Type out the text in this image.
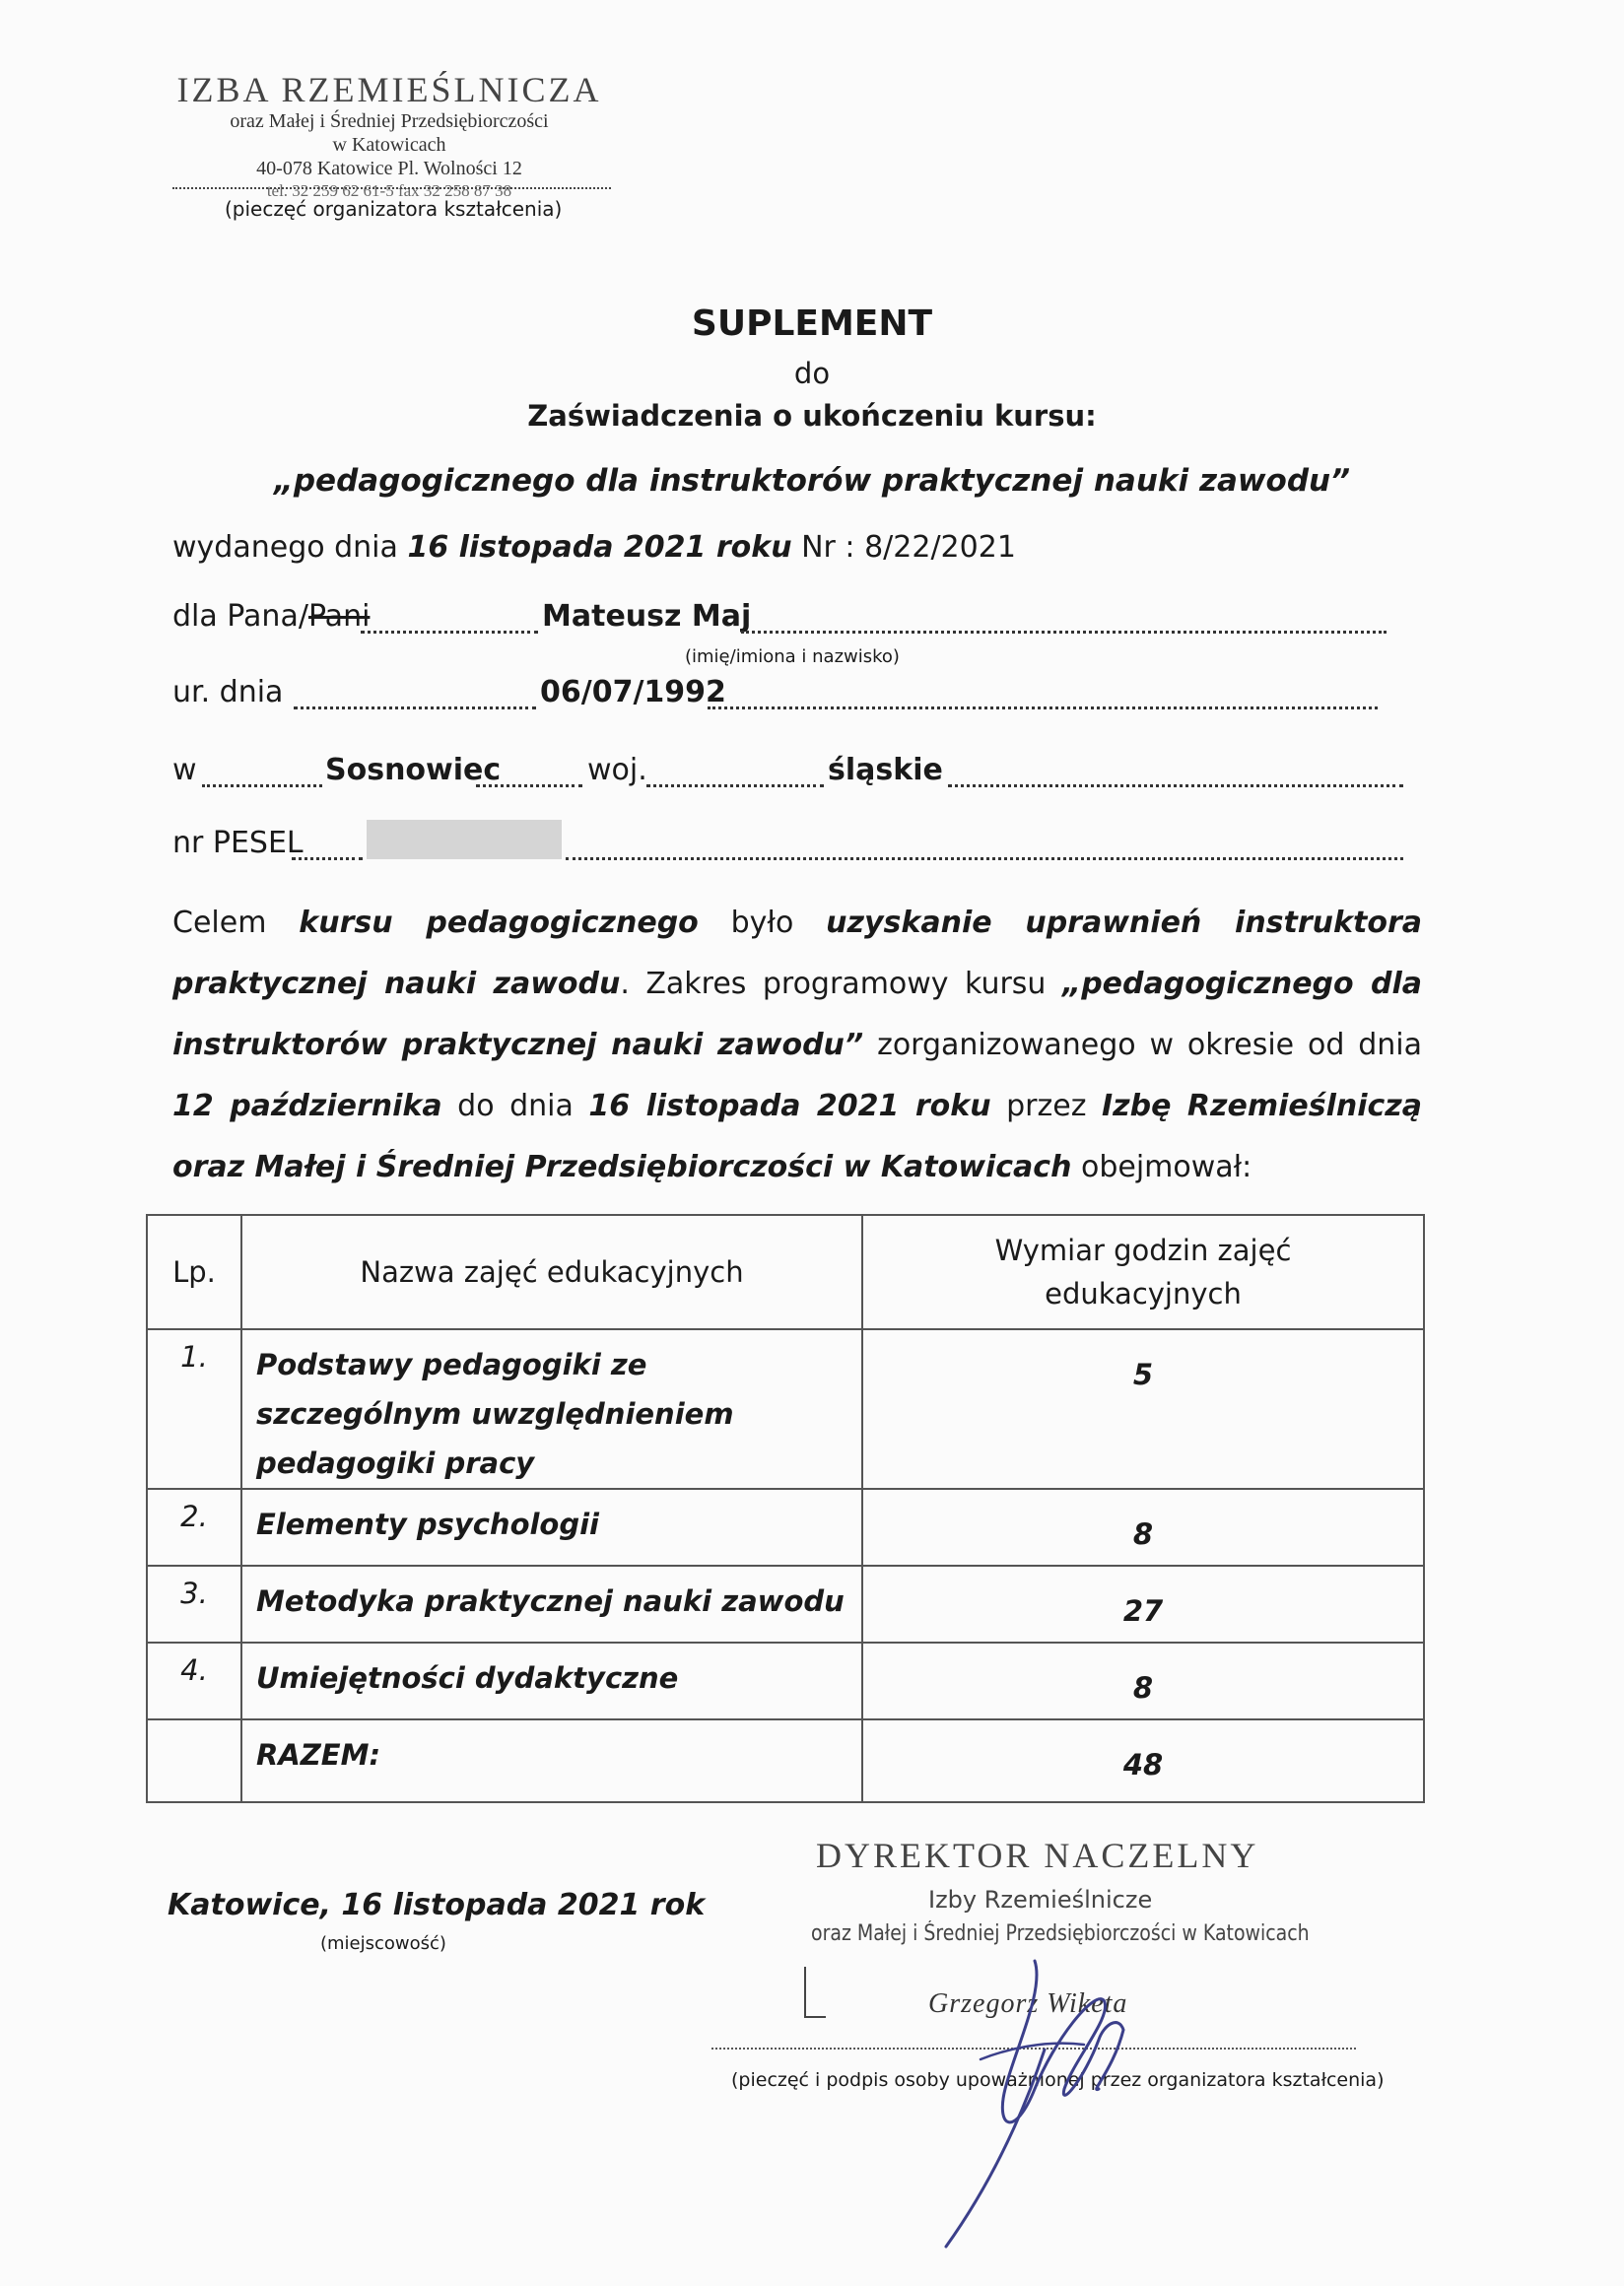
IZBA RZEMIEŚLNICZA
oraz Małej i Średniej Przedsiębiorczości
w Katowicach
40-078 Katowice Pl. Wolności 12
tel. 32 259 62 61-5 fax 32 258 87 38
(pieczęć organizatora kształcenia)
SUPLEMENT
do
Zaświadczenia o ukończeniu kursu:
„pedagogicznego dla instruktorów praktycznej nauki zawodu”
wydanego dnia 16 listopada 2021 roku Nr : 8/22/2021
dla Pana/Pani	Mateusz Maj
(imię/imiona i nazwisko)
ur. dnia	06/07/1992
w	Sosnowiec	woj.	śląskie
nr PESEL
Celem kursu pedagogicznego było uzyskanie uprawnień instruktora praktycznej nauki zawodu. Zakres programowy kursu „pedagogicznego dla instruktorów praktycznej nauki zawodu” zorganizowanego w okresie od dnia 12 października do dnia 16 listopada 2021 roku przez Izbę Rzemieślniczą oraz Małej i Średniej Przedsiębiorczości w Katowicach obejmował:
Lp.	Nazwa zajęć edukacyjnych	Wymiar godzin zajęć edukacyjnych
1.	Podstawy pedagogiki ze szczególnym uwzględnieniem pedagogiki pracy	5
2.	Elementy psychologii	8
3.	Metodyka praktycznej nauki zawodu	27
4.	Umiejętności dydaktyczne	8
	RAZEM:	48
Katowice, 16 listopada 2021 rok
(miejscowość)
DYREKTOR NACZELNY
Izby Rzemieślnicze
oraz Małej i Średniej Przedsiębiorczości w Katowicach
Grzegorz Wiketa
(pieczęć i podpis osoby upoważnionej przez organizatora kształcenia)
